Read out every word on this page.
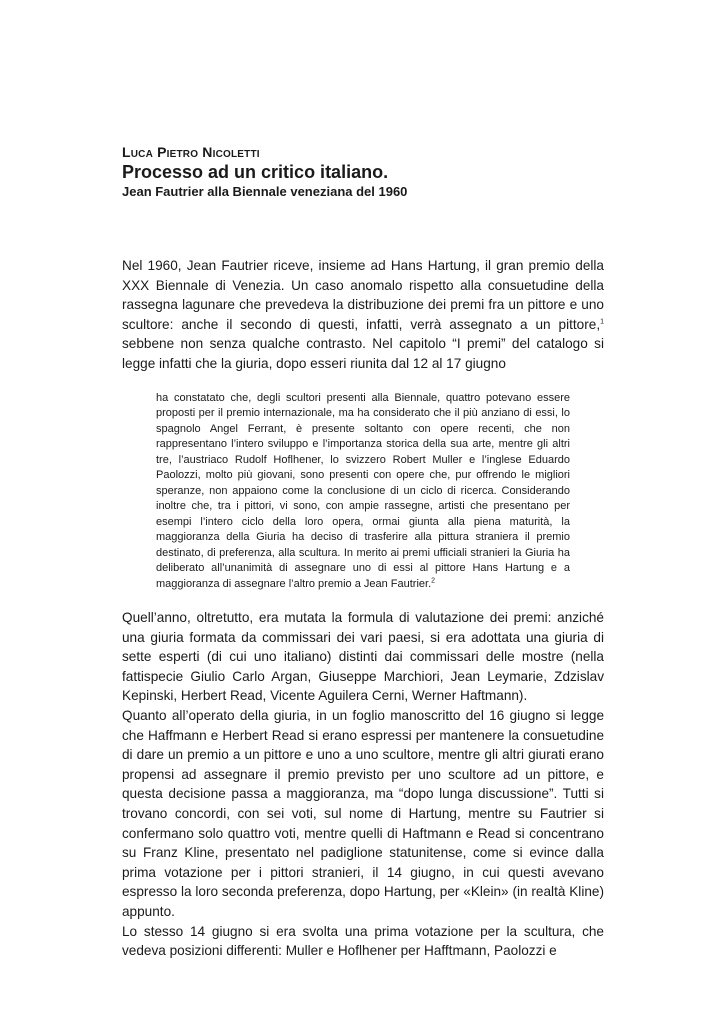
Luca Pietro Nicoletti

Processo ad un critico italiano.

Jean Fautrier alla Biennale veneziana del 1960

Nel 1960, Jean Fautrier riceve, insieme ad Hans Hartung, il gran premio della XXX Biennale di Venezia. Un caso anomalo rispetto alla consuetudine della rassegna lagunare che prevedeva la distribuzione dei premi fra un pittore e uno scultore: anche il secondo di questi, infatti, verrà assegnato a un pittore,$^1$ sebbene non senza qualche contrasto. Nel capitolo “I premi” del catalogo si legge infatti che la giuria, dopo esseri riunita dal 12 al 17 giugno

ha constatato che, degli scultori presenti alla Biennale, quattro potevano essere proposti per il premio internazionale, ma ha considerato che il più anziano di essi, lo spagnolo Angel Ferrant, è presente soltanto con opere recenti, che non rappresentano l’intero sviluppo e l’importanza storica della sua arte, mentre gli altri tre, l’austriaco Rudolf Hoflhener, lo svizzero Robert Muller e l’inglese Eduardo Paolozzi, molto più giovani, sono presenti con opere che, pur offrendo le migliori speranze, non appaiono come la conclusione di un ciclo di ricerca. Considerando inoltre che, tra i pittori, vi sono, con ampie rassegne, artisti che presentano per esempi l’intero ciclo della loro opera, ormai giunta alla piena maturità, la maggioranza della Giuria ha deciso di trasferire alla pittura straniera il premio destinato, di preferenza, alla scultura. In merito ai premi ufficiali stranieri la Giuria ha deliberato all’unanimità di assegnare uno di essi al pittore Hans Hartung e a maggioranza di assegnare l’altro premio a Jean Fautrier.$^2$

Quell’anno, oltretutto, era mutata la formula di valutazione dei premi: anziché una giuria formata da commissari dei vari paesi, si era adottata una giuria di sette esperti (di cui uno italiano) distinti dai commissari delle mostre (nella fattispecie Giulio Carlo Argan, Giuseppe Marchiori, Jean Leymarie, Zdzislav Kepinski, Herbert Read, Vicente Aguilera Cerni, Werner Haftmann).

Quanto all’operato della giuria, in un foglio manoscritto del 16 giugno si legge che Haffmann e Herbert Read si erano espressi per mantenere la consuetudine di dare un premio a un pittore e uno a uno scultore, mentre gli altri giurati erano propensi ad assegnare il premio previsto per uno scultore ad un pittore, e questa decisione passa a maggioranza, ma “dopo lunga discussione”. Tutti si trovano concordi, con sei voti, sul nome di Hartung, mentre su Fautrier si confermano solo quattro voti, mentre quelli di Haftmann e Read si concentrano su Franz Kline, presentato nel padiglione statunitense, come si evince dalla prima votazione per i pittori stranieri, il 14 giugno, in cui questi avevano espresso la loro seconda preferenza, dopo Hartung, per «Klein» (in realtà Kline) appunto.

Lo stesso 14 giugno si era svolta una prima votazione per la scultura, che vedeva posizioni differenti: Muller e Hoflhener per Hafftmann, Paolozzi e
